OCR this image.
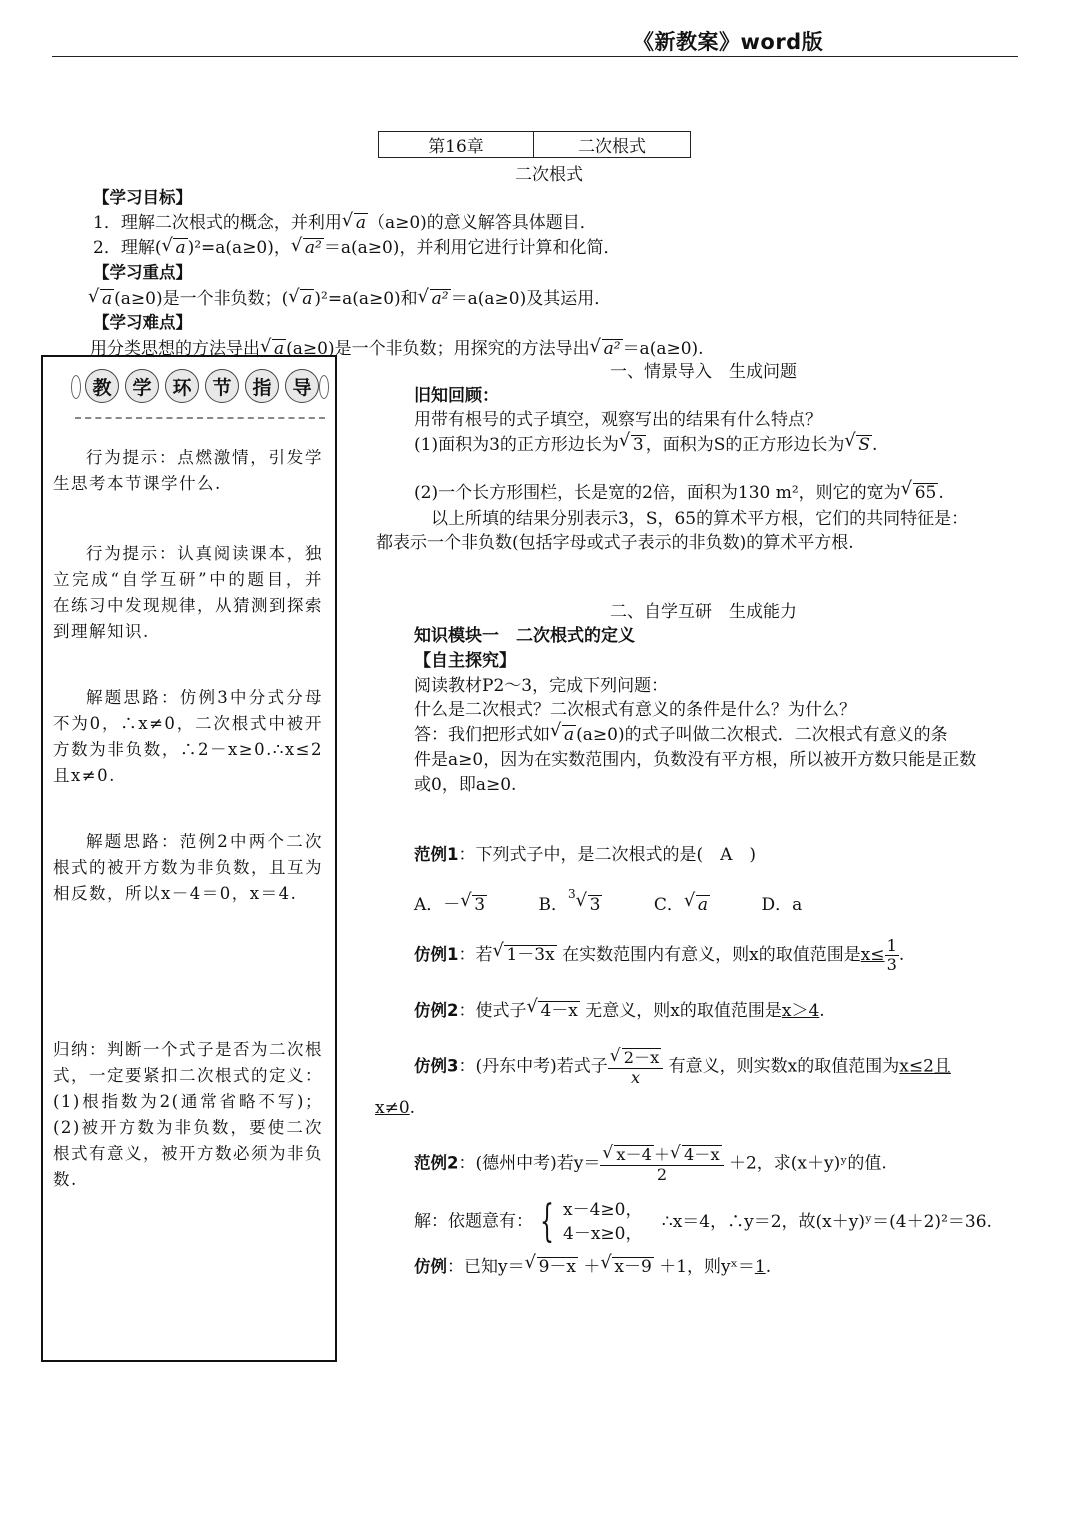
《新教案》word版
第16章	二次根式
二次根式
【学习目标】
1．理解二次根式的概念，并利用 √ a （a≥0)的意义解答具体题目．
2．理解( √ a )²=a(a≥0)， √ a² ＝a(a≥0)，并利用它进行计算和化简．
【学习重点】
√ a (a≥0)是一个非负数；( √ a )²=a(a≥0)和 √ a² ＝a(a≥0)及其运用．
【学习难点】
用分类思想的方法导出 √ a (a≥0)是一个非负数；用探究的方法导出 √ a² ＝a(a≥0).
教	学	环	节	指	导
行为提示：点燃激情，引发学生思考本节课学什么.
行为提示：认真阅读课本，独立完成“自学互研”中的题目，并在练习中发现规律，从猜测到探索到理解知识.
解题思路：仿例3中分式分母不为0，∴x≠0，二次根式中被开方数为非负数，∴2－x≥0.∴x≤2且x≠0.
解题思路：范例2中两个二次根式的被开方数为非负数，且互为相反数，所以x－4＝0，x＝4.
归纳：判断一个式子是否为二次根式，一定要紧扣二次根式的定义：(1)根指数为2(通常省略不写)；(2)被开方数为非负数，要使二次根式有意义，被开方数必须为非负数.
一、情景导入　生成问题
旧知回顾：
用带有根号的式子填空，观察写出的结果有什么特点？
(1)面积为3的正方形边长为 √ 3 ，面积为S的正方形边长为 √ S .
(2)一个长方形围栏，长是宽的2倍，面积为130 m²，则它的宽为 √ 65 .
以上所填的结果分别表示3，S，65的算术平方根，它们的共同特征是：
都表示一个非负数(包括字母或式子表示的非负数)的算术平方根.
二、自学互研　生成能力
知识模块一　二次根式的定义
【自主探究】
阅读教材P2～3，完成下列问题：
什么是二次根式？二次根式有意义的条件是什么？为什么？
答：我们把形式如 √ a (a≥0)的式子叫做二次根式．二次根式有意义的条
件是a≥0，因为在实数范围内，负数没有平方根，所以被开方数只能是正数
或0，即a≥0.
范例1：下列式子中，是二次根式的是(　A　)
A．－ √ 3	B．$^3$√ 3	C． √ a	D．a
仿例1：若 √ 1－3x 在实数范围内有意义，则x的取值范围是$x\le \frac{1}{3}$ .
仿例2：使式子 √ 4－x 无意义，则x的取值范围是x＞4.
仿例3：(丹东中考)若式子 √ $\frac{2-x}{x}$ 有意义，则实数x的取值范围为x≤2且
x≠0.
范例2：(德州中考)若y＝ √ $\frac{x-4 + √ 4-x}{2} +2$，求(x＋y)ʸ的值.
解：依题意有： { x－4≥0，
4－x≥0，
∴x＝4，∴y＝2，故(x＋y)ʸ＝(4＋2)²＝36.
仿例：已知y＝ √ 9－x ＋ √ x－9 ＋1，则yˣ＝1.
